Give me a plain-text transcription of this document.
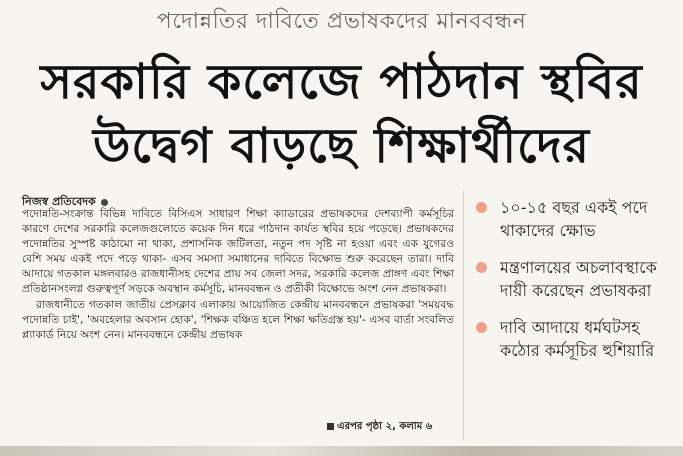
পদোন্নতির দাবিতে প্রভাষকদের মানববন্ধন
সরকারি কলেজে পাঠদান স্থবির
উদ্বেগ বাড়ছে শিক্ষার্থীদের
নিজস্ব প্রতিবেদক

পদোন্নতি-সংক্রান্ত বিভিন্ন দাবিতে বিসিএস সাধারণ শিক্ষা ক্যাডারের প্রভাষকদের দেশব্যাপী কর্মসূচির কারণে দেশের সরকারি কলেজগুলোতে কয়েক দিন ধরে পাঠদান কার্যত স্থবির হয়ে পড়েছে। প্রভাষকদের পদোন্নতির সুস্পষ্ট কাঠামো না থাকা, প্রশাসনিক জটিলতা, নতুন পদ সৃষ্টি না হওয়া এবং এক যুগেরও বেশি সময় একই পদে পড়ে থাকা- এসব সমস্যা সমাধানের দাবিতে বিক্ষোভ শুরু করেছেন তারা। দাবি আদায়ে গতকাল মঙ্গলবারও রাজধানীসহ দেশের প্রায় সব জেলা সদর, সরকারি কলেজ প্রাঙ্গণ এবং শিক্ষা প্রতিষ্ঠানসংলগ্ন গুরুত্বপূর্ণ সড়কে অবস্থান কর্মসূচি, মানববন্ধন ও প্রতীকী বিক্ষোভে অংশ নেন প্রভাষকরা।

রাজধানীতে গতকাল জাতীয় প্রেসক্লাব এলাকায় আয়োজিত কেন্দ্রীয় মানববন্ধনে প্রভাষকরা 'সময়বদ্ধ পদোন্নতি চাই', 'অবহেলার অবসান হোক', 'শিক্ষক বঞ্চিত হলে শিক্ষা ক্ষতিগ্রস্ত হয়'- এসব বার্তা সংবলিত প্ল্যাকার্ড নিয়ে অংশ নেন। মানববন্ধনে কেন্দ্রীয় প্রভাষক

এরপর পৃষ্ঠা ২, কলাম ৬
১০-১৫ বছর একই পদে থাকাদের ক্ষোভ
মন্ত্রণালয়ের অচলাবস্থাকে দায়ী করেছেন প্রভাষকরা
দাবি আদায়ে ধর্মঘটসহ কঠোর কর্মসূচির হুশিয়ারি
